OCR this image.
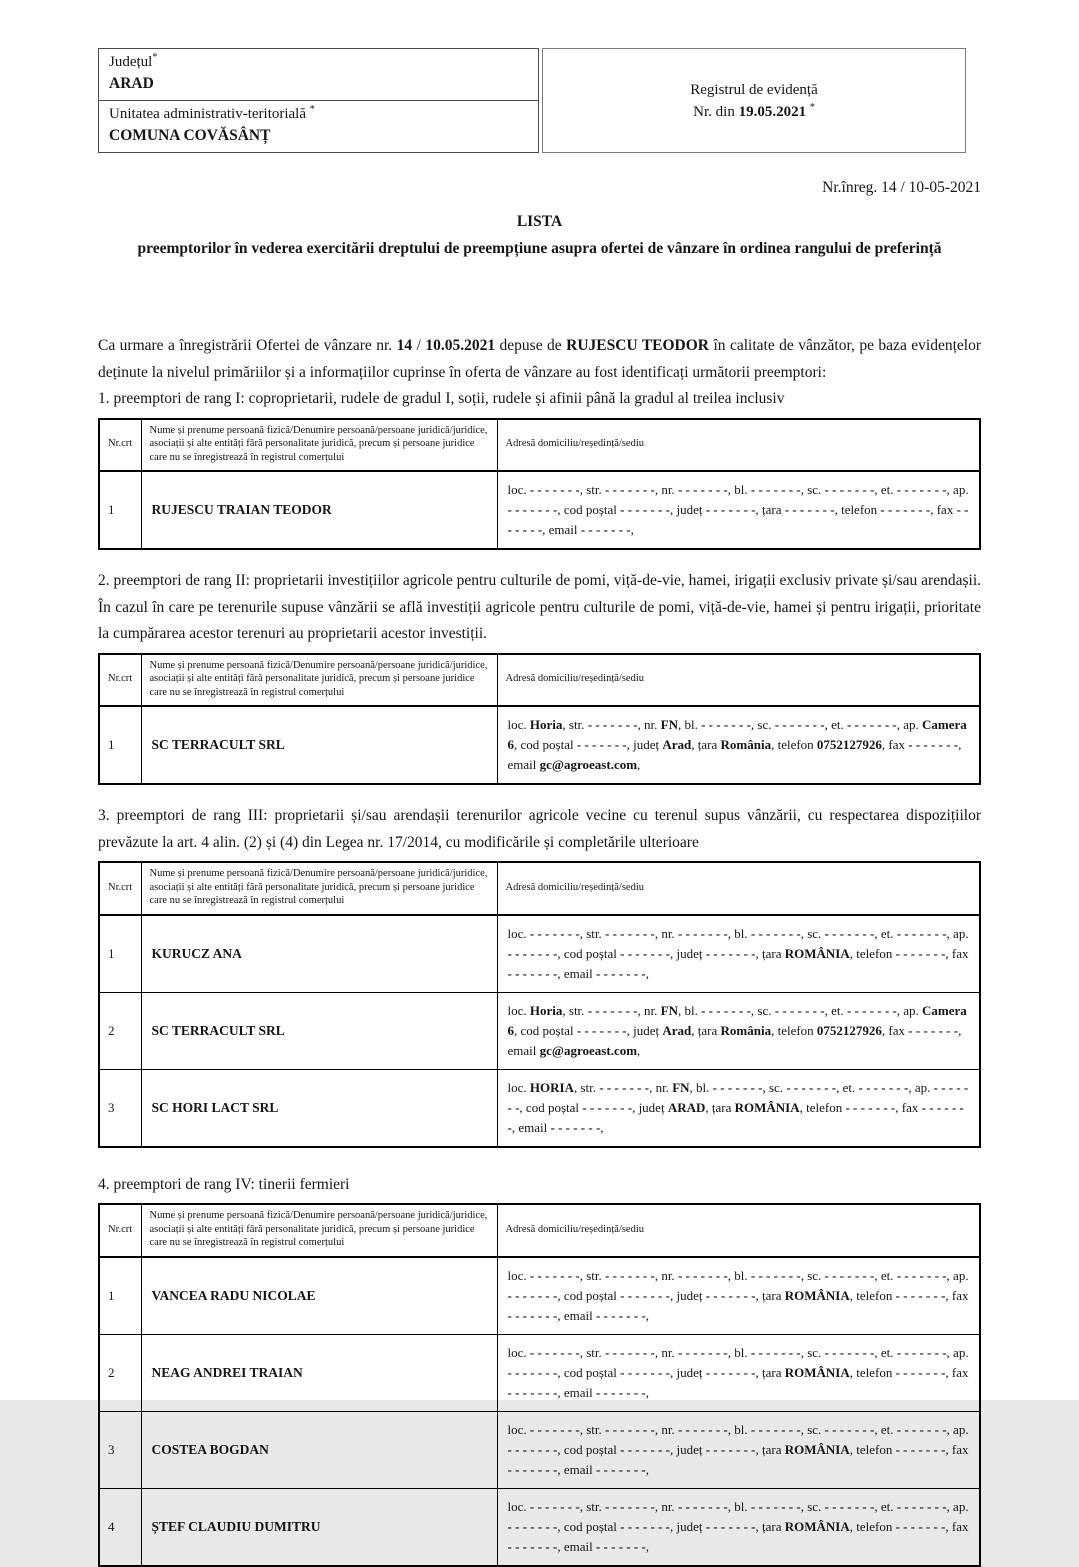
Județul*
ARAD
Unitatea administrativ-teritorială *
COMUNA COVĂSÂNȚ
Registrul de evidență
Nr. din 19.05.2021 *
Nr.înreg. 14 / 10-05-2021
LISTA
preemptorilor în vederea exercitării dreptului de preempțiune asupra ofertei de vânzare în ordinea rangului de preferință

Ca urmare a înregistrării Ofertei de vânzare nr. 14 / 10.05.2021 depuse de RUJESCU TEODOR în calitate de vânzător, pe baza evidențelor deținute la nivelul primăriilor și a informațiilor cuprinse în oferta de vânzare au fost identificați următorii preemptori:

1. preemptori de rang I: coproprietarii, rudele de gradul I, soții, rudele și afinii până la gradul al treilea inclusiv

Nr.crt	Nume și prenume persoană fizică/Denumire persoană/persoane juridică/juridice, asociații și alte entități fără personalitate juridică, precum și persoane juridice care nu se înregistrează în registrul comerțului	Adresă domiciliu/reședință/sediu
1	RUJESCU TRAIAN TEODOR	loc. - - - - - - -, str. - - - - - - -, nr. - - - - - - -, bl. - - - - - - -, sc. - - - - - - -, et. - - - - - - -, ap. - - - - - - -, cod poștal - - - - - - -, județ - - - - - - -, țara - - - - - - -, telefon - - - - - - -, fax - - - - - - -, email - - - - - - -,

2. preemptori de rang II: proprietarii investițiilor agricole pentru culturile de pomi, viță-de-vie, hamei, irigații exclusiv private și/sau arendașii. În cazul în care pe terenurile supuse vânzării se află investiții agricole pentru culturile de pomi, viță-de-vie, hamei și pentru irigații, prioritate la cumpărarea acestor terenuri au proprietarii acestor investiții.

Nr.crt	Nume și prenume persoană fizică/Denumire persoană/persoane juridică/juridice, asociații și alte entități fără personalitate juridică, precum și persoane juridice care nu se înregistrează în registrul comerțului	Adresă domiciliu/reședință/sediu
1	SC TERRACULT SRL	loc. Horia, str. - - - - - - -, nr. FN, bl. - - - - - - -, sc. - - - - - - -, et. - - - - - - -, ap. Camera 6, cod poștal - - - - - - -, județ Arad, țara România, telefon 0752127926, fax - - - - - - -, email gc@agroeast.com,

3. preemptori de rang III: proprietarii și/sau arendașii terenurilor agricole vecine cu terenul supus vânzării, cu respectarea dispozițiilor prevăzute la art. 4 alin. (2) și (4) din Legea nr. 17/2014, cu modificările și completările ulterioare

Nr.crt	Nume și prenume persoană fizică/Denumire persoană/persoane juridică/juridice, asociații și alte entități fără personalitate juridică, precum și persoane juridice care nu se înregistrează în registrul comerțului	Adresă domiciliu/reședință/sediu
1	KURUCZ ANA	loc. - - - - - - -, str. - - - - - - -, nr. - - - - - - -, bl. - - - - - - -, sc. - - - - - - -, et. - - - - - - -, ap. - - - - - - -, cod poștal - - - - - - -, județ - - - - - - -, țara ROMÂNIA, telefon - - - - - - -, fax - - - - - - -, email - - - - - - -,
2	SC TERRACULT SRL	loc. Horia, str. - - - - - - -, nr. FN, bl. - - - - - - -, sc. - - - - - - -, et. - - - - - - -, ap. Camera 6, cod poștal - - - - - - -, județ Arad, țara România, telefon 0752127926, fax - - - - - - -, email gc@agroeast.com,
3	SC HORI LACT SRL	loc. HORIA, str. - - - - - - -, nr. FN, bl. - - - - - - -, sc. - - - - - - -, et. - - - - - - -, ap. - - - - - - -, cod poștal - - - - - - -, județ ARAD, țara ROMÂNIA, telefon - - - - - - -, fax - - - - - - -, email - - - - - - -,

4. preemptori de rang IV: tinerii fermieri

Nr.crt	Nume și prenume persoană fizică/Denumire persoană/persoane juridică/juridice, asociații și alte entități fără personalitate juridică, precum și persoane juridice care nu se înregistrează în registrul comerțului	Adresă domiciliu/reședință/sediu
1	VANCEA RADU NICOLAE	loc. - - - - - - -, str. - - - - - - -, nr. - - - - - - -, bl. - - - - - - -, sc. - - - - - - -, et. - - - - - - -, ap. - - - - - - -, cod poștal - - - - - - -, județ - - - - - - -, țara ROMÂNIA, telefon - - - - - - -, fax - - - - - - -, email - - - - - - -,
2	NEAG ANDREI TRAIAN	loc. - - - - - - -, str. - - - - - - -, nr. - - - - - - -, bl. - - - - - - -, sc. - - - - - - -, et. - - - - - - -, ap. - - - - - - -, cod poștal - - - - - - -, județ - - - - - - -, țara ROMÂNIA, telefon - - - - - - -, fax - - - - - - -, email - - - - - - -,
3	COSTEA BOGDAN	loc. - - - - - - -, str. - - - - - - -, nr. - - - - - - -, bl. - - - - - - -, sc. - - - - - - -, et. - - - - - - -, ap. - - - - - - -, cod poștal - - - - - - -, județ - - - - - - -, țara ROMÂNIA, telefon - - - - - - -, fax - - - - - - -, email - - - - - - -,
4	ȘTEF CLAUDIU DUMITRU	loc. - - - - - - -, str. - - - - - - -, nr. - - - - - - -, bl. - - - - - - -, sc. - - - - - - -, et. - - - - - - -, ap. - - - - - - -, cod poștal - - - - - - -, județ - - - - - - -, țara ROMÂNIA, telefon - - - - - - -, fax - - - - - - -, email - - - - - - -,
